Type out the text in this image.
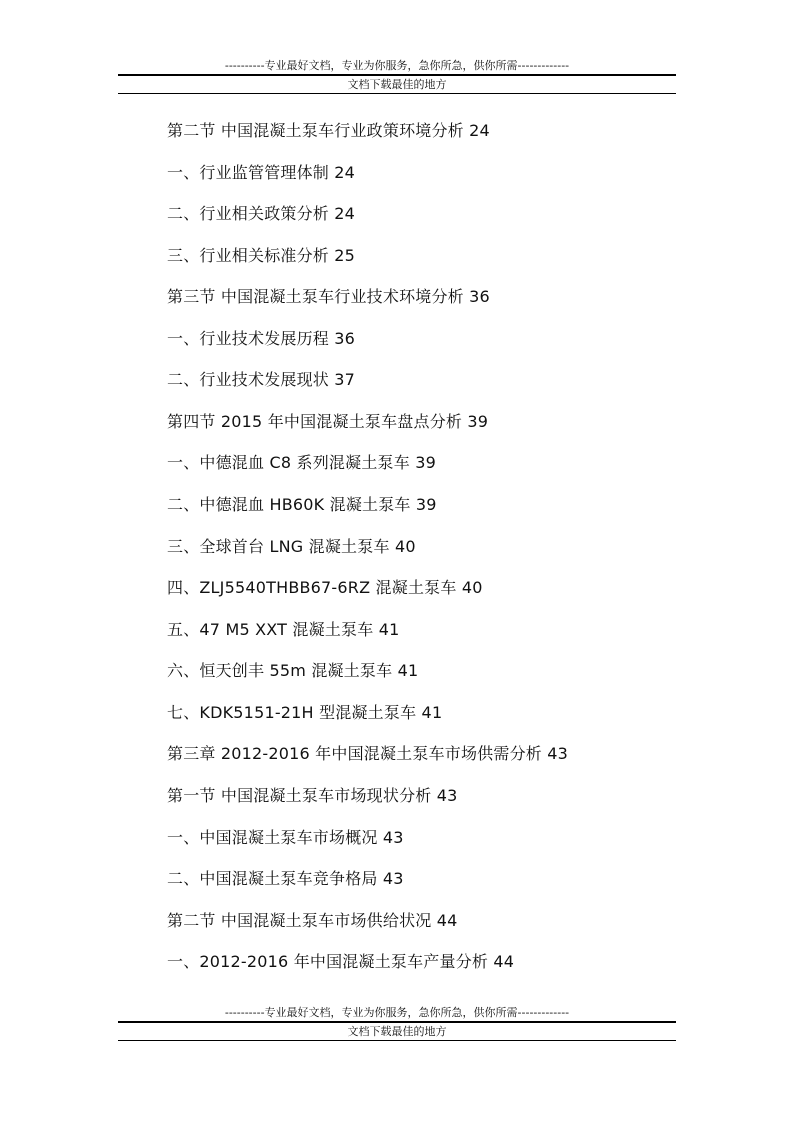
----------专业最好文档，专业为你服务，急你所急，供你所需-------------
文档下载最佳的地方
第二节 中国混凝土泵车行业政策环境分析 24
一、行业监管管理体制 24
二、行业相关政策分析 24
三、行业相关标准分析 25
第三节 中国混凝土泵车行业技术环境分析 36
一、行业技术发展历程 36
二、行业技术发展现状 37
第四节 2015 年中国混凝土泵车盘点分析 39
一、中德混血 C8 系列混凝土泵车 39
二、中德混血 HB60K 混凝土泵车 39
三、全球首台 LNG 混凝土泵车 40
四、ZLJ5540THBB67-6RZ 混凝土泵车 40
五、47 M5 XXT 混凝土泵车 41
六、恒天创丰 55m 混凝土泵车 41
七、KDK5151-21H 型混凝土泵车 41
第三章 2012-2016 年中国混凝土泵车市场供需分析 43
第一节 中国混凝土泵车市场现状分析 43
一、中国混凝土泵车市场概况 43
二、中国混凝土泵车竞争格局 43
第二节 中国混凝土泵车市场供给状况 44
一、2012-2016 年中国混凝土泵车产量分析 44
----------专业最好文档，专业为你服务，急你所急，供你所需-------------
文档下载最佳的地方
